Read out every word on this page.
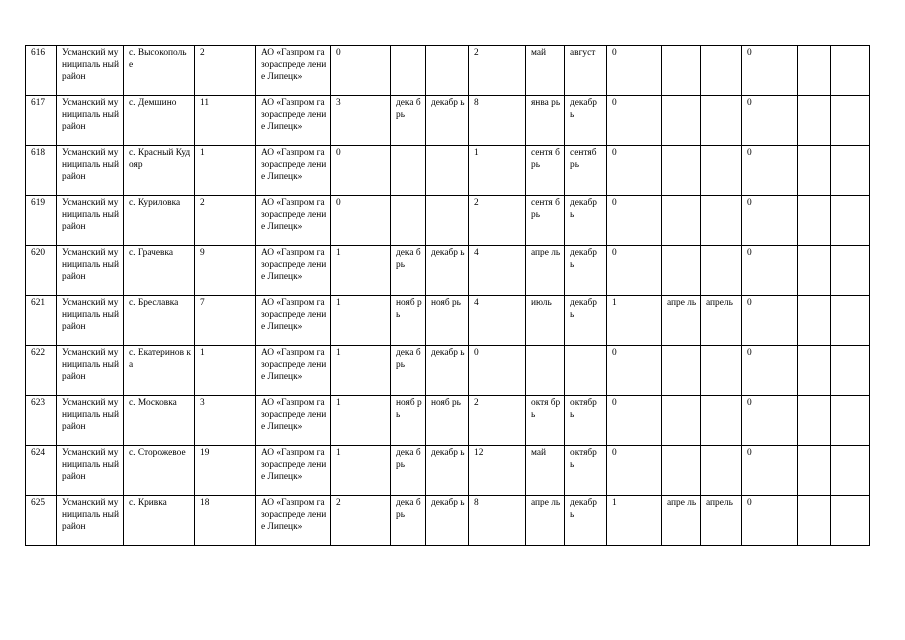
616	Усманский муниципаль ный район	с. Высокополь е	2	АО «Газпром газораспреде ление Липецк»	0			2	май	август	0			0		
617	Усманский муниципаль ный район	с. Демшино	11	АО «Газпром газораспреде ление Липецк»	3	дека брь	декабр ь	8	янва рь	декабр ь	0			0		
618	Усманский муниципаль ный район	с. Красный Кудояр	1	АО «Газпром газораспреде ление Липецк»	0			1	сентя брь	сентяб рь	0			0		
619	Усманский муниципаль ный район	с. Куриловка	2	АО «Газпром газораспреде ление Липецк»	0			2	сентя брь	декабр ь	0			0		
620	Усманский муниципаль ный район	с. Грачевка	9	АО «Газпром газораспреде ление Липецк»	1	дека брь	декабр ь	4	апре ль	декабр ь	0			0		
621	Усманский муниципаль ный район	с. Бреславка	7	АО «Газпром газораспреде ление Липецк»	1	нояб рь	нояб рь	4	июль	декабр ь	1	апре ль	апрель	0		
622	Усманский муниципаль ный район	с. Екатеринов ка	1	АО «Газпром газораспреде ление Липецк»	1	дека брь	декабр ь	0			0			0		
623	Усманский муниципаль ный район	с. Московка	3	АО «Газпром газораспреде ление Липецк»	1	нояб рь	нояб рь	2	октя брь	октябр ь	0			0		
624	Усманский муниципаль ный район	с. Сторожевое	19	АО «Газпром газораспреде ление Липецк»	1	дека брь	декабр ь	12	май	октябр ь	0			0		
625	Усманский муниципаль ный район	с. Кривка	18	АО «Газпром газораспреде ление Липецк»	2	дека брь	декабр ь	8	апре ль	декабр ь	1	апре ль	апрель	0		
